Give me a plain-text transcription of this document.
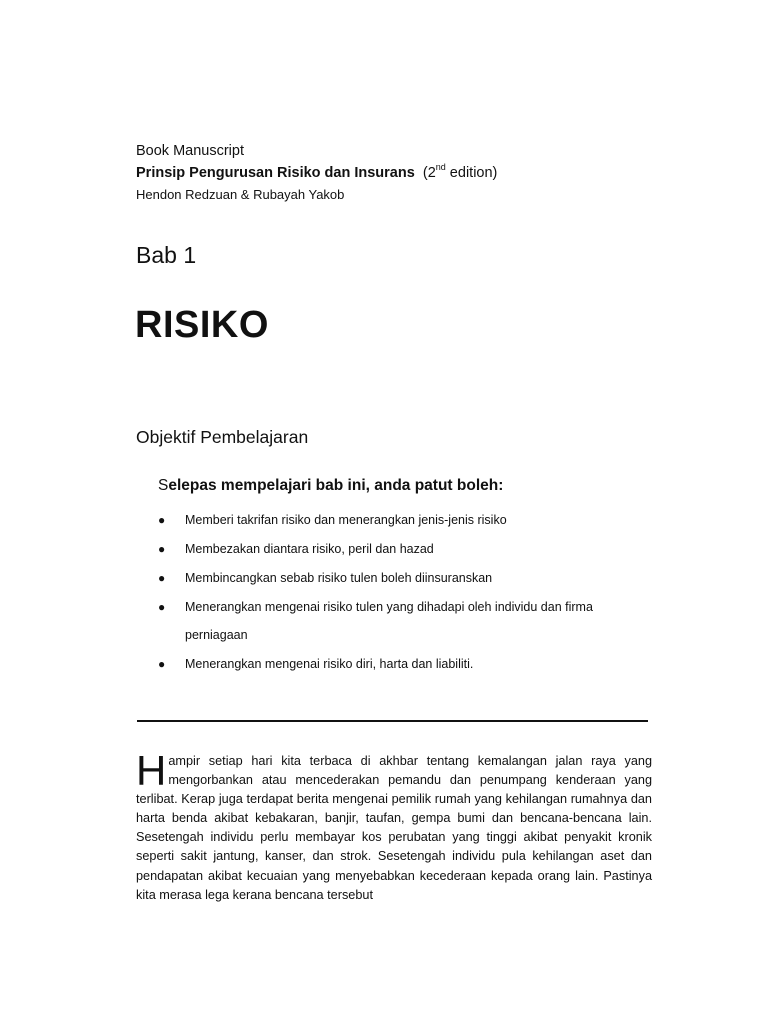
Book Manuscript
Prinsip Pengurusan Risiko dan Insurans (2nd edition)
Hendon Redzuan & Rubayah Yakob
Bab 1
RISIKO
Objektif Pembelajaran
Selepas mempelajari bab ini, anda patut boleh:
● Memberi takrifan risiko dan menerangkan jenis-jenis risiko
● Membezakan diantara risiko, peril dan hazad
● Membincangkan sebab risiko tulen boleh diinsuranskan
● Menerangkan mengenai risiko tulen yang dihadapi oleh individu dan firma perniagaan
● Menerangkan mengenai risiko diri, harta dan liabiliti.
Hampir setiap hari kita terbaca di akhbar tentang kemalangan jalan raya yang mengorbankan atau mencederakan pemandu dan penumpang kenderaan yang terlibat. Kerap juga terdapat berita mengenai pemilik rumah yang kehilangan rumahnya dan harta benda akibat kebakaran, banjir, taufan, gempa bumi dan bencana-bencana lain. Sesetengah individu perlu membayar kos perubatan yang tinggi akibat penyakit kronik seperti sakit jantung, kanser, dan strok. Sesetengah individu pula kehilangan aset dan pendapatan akibat kecuaian yang menyebabkan kecederaan kepada orang lain. Pastinya kita merasa lega kerana bencana tersebut
